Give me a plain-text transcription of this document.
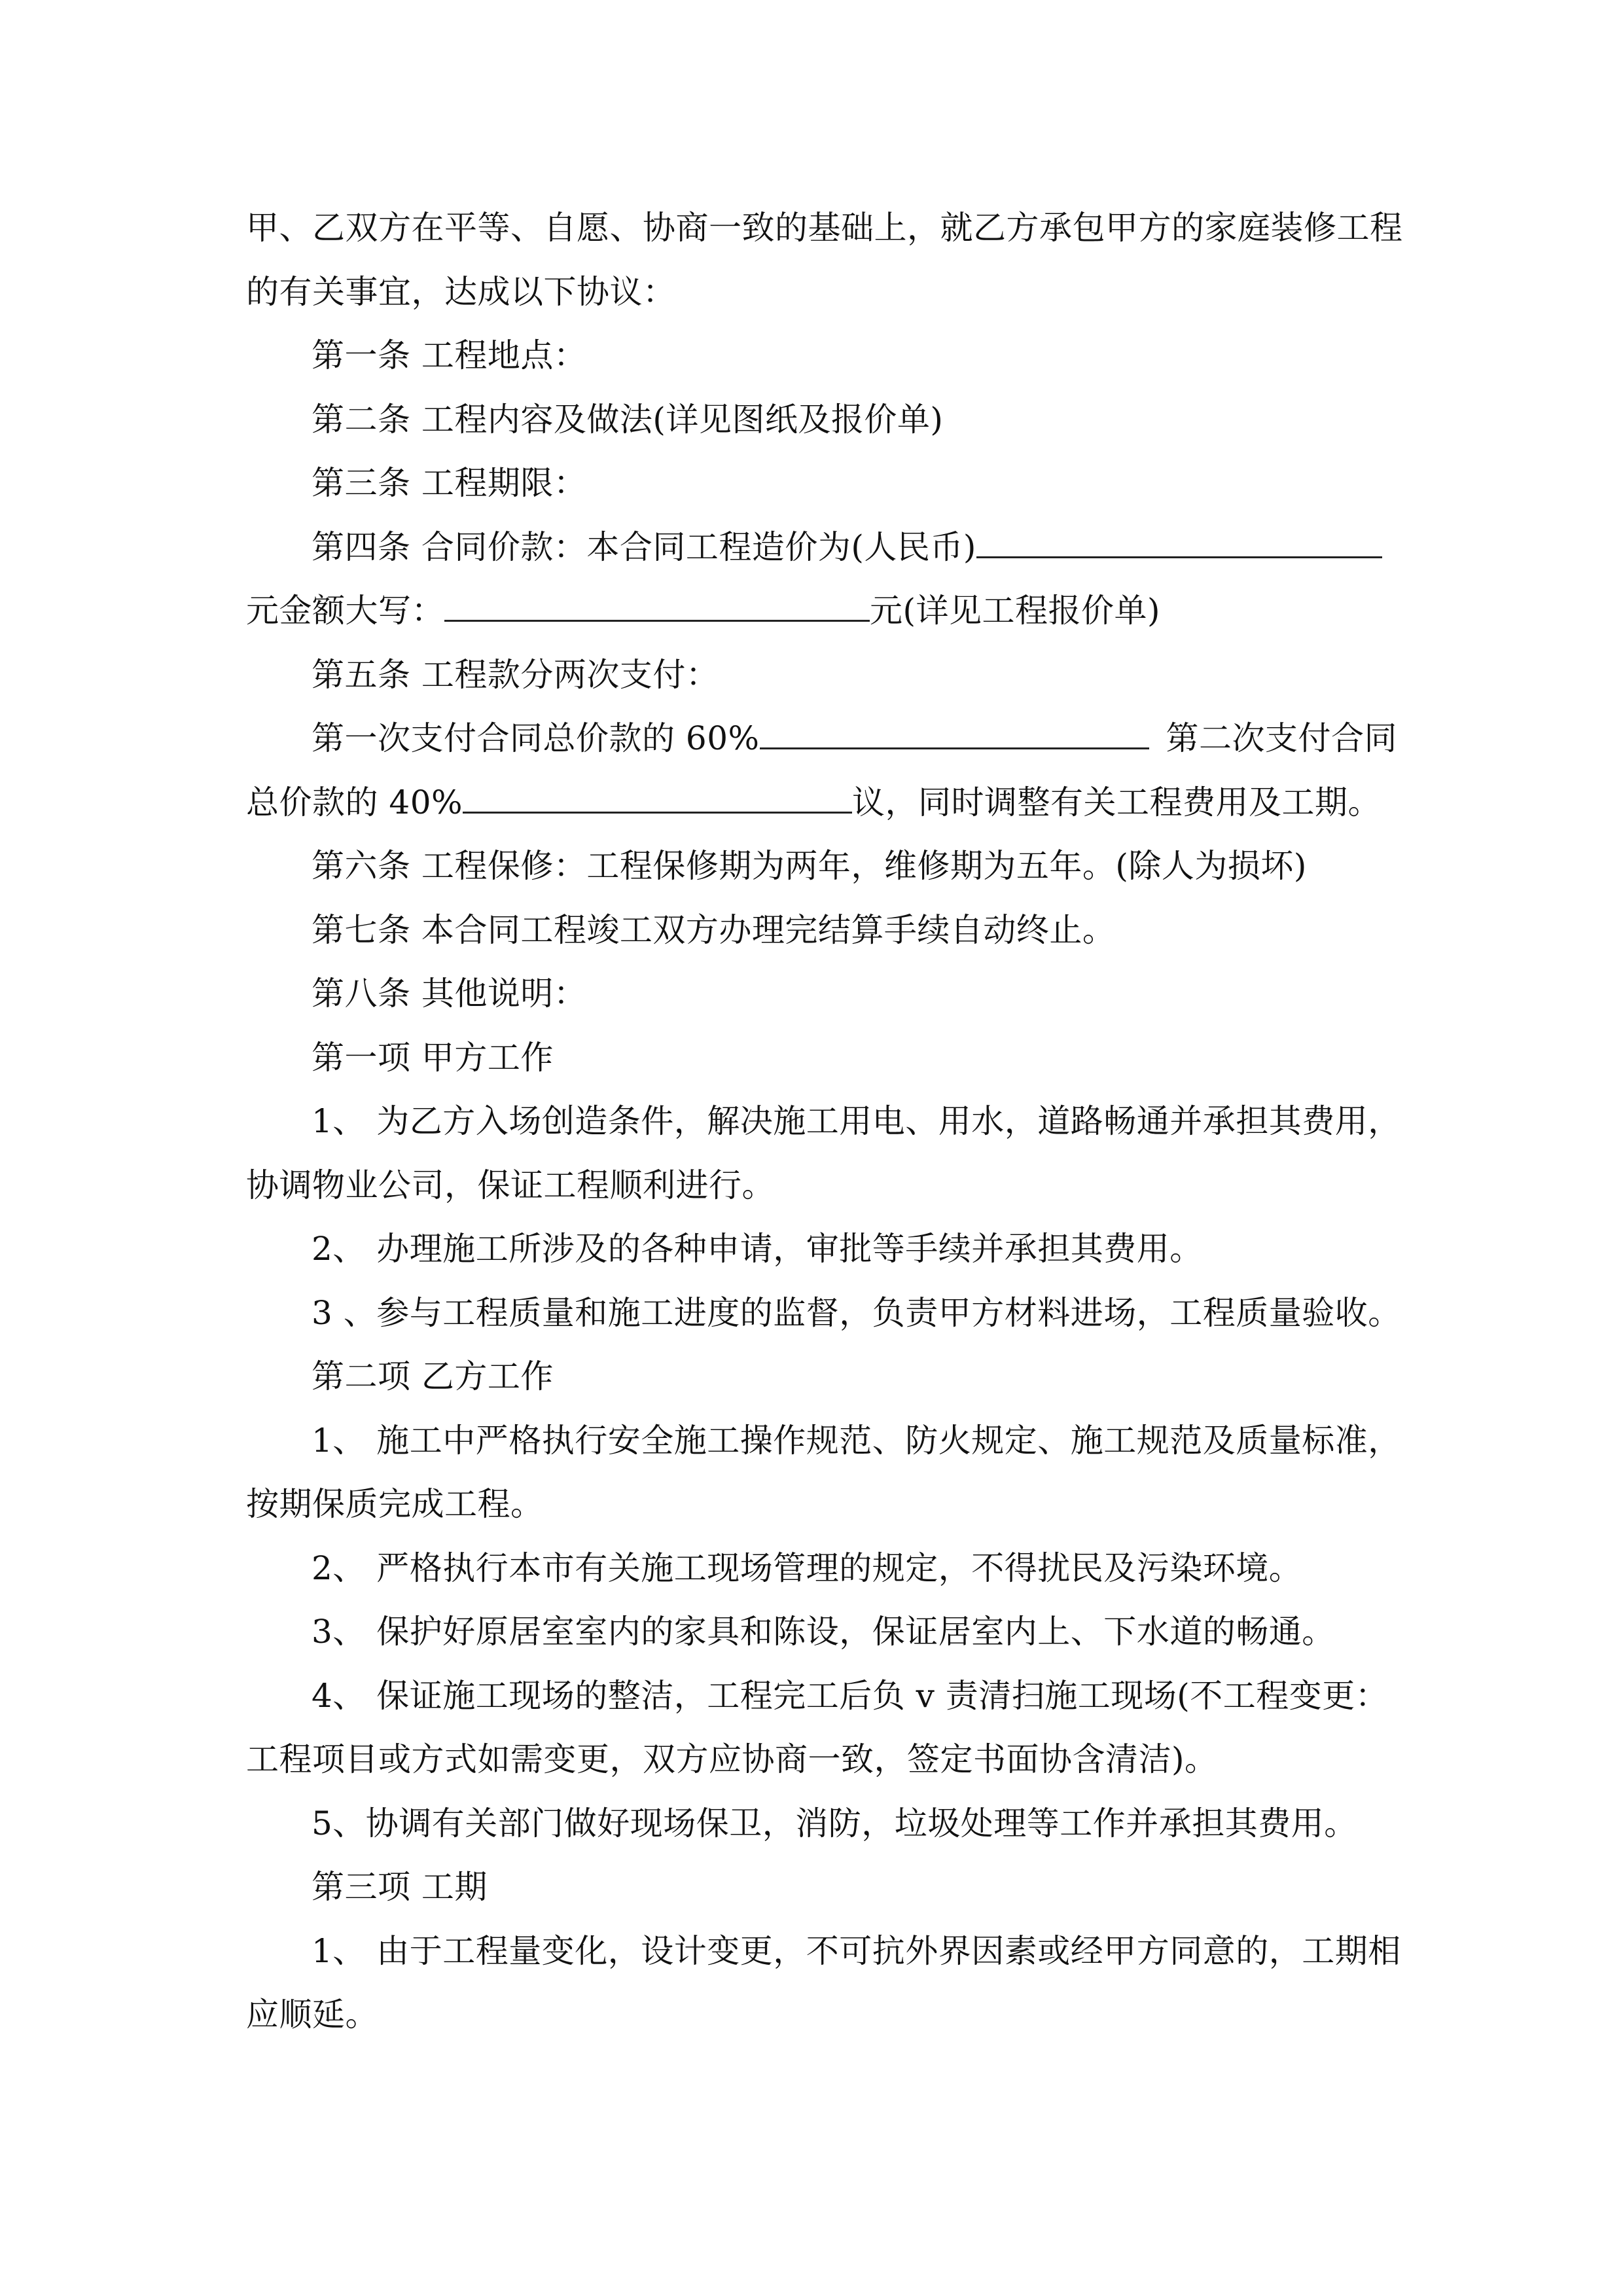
甲、乙双方在平等、自愿、协商一致的基础上，就乙方承包甲方的家庭装修工程
的有关事宜，达成以下协议：
第一条 工程地点：
第二条 工程内容及做法(详见图纸及报价单)
第三条 工程期限：
第四条 合同价款：本合同工程造价为(人民币)
元金额大写：	元(详见工程报价单)
第五条 工程款分两次支付：
第一次支付合同总价款的 60%	第二次支付合同
总价款的 40%	议，同时调整有关工程费用及工期。
第六条 工程保修：工程保修期为两年，维修期为五年。(除人为损坏)
第七条 本合同工程竣工双方办理完结算手续自动终止。
第八条 其他说明：
第一项 甲方工作
1、 为乙方入场创造条件，解决施工用电、用水，道路畅通并承担其费用，
协调物业公司，保证工程顺利进行。
2、 办理施工所涉及的各种申请，审批等手续并承担其费用。
3 、参与工程质量和施工进度的监督，负责甲方材料进场，工程质量验收。
第二项 乙方工作
1、 施工中严格执行安全施工操作规范、防火规定、施工规范及质量标准，
按期保质完成工程。
2、 严格执行本市有关施工现场管理的规定，不得扰民及污染环境。
3、 保护好原居室室内的家具和陈设，保证居室内上、下水道的畅通。
4、 保证施工现场的整洁，工程完工后负 v 责清扫施工现场(不工程变更：
工程项目或方式如需变更，双方应协商一致，签定书面协含清洁)。
5、协调有关部门做好现场保卫，消防，垃圾处理等工作并承担其费用。
第三项 工期
1、 由于工程量变化，设计变更，不可抗外界因素或经甲方同意的，工期相
应顺延。
